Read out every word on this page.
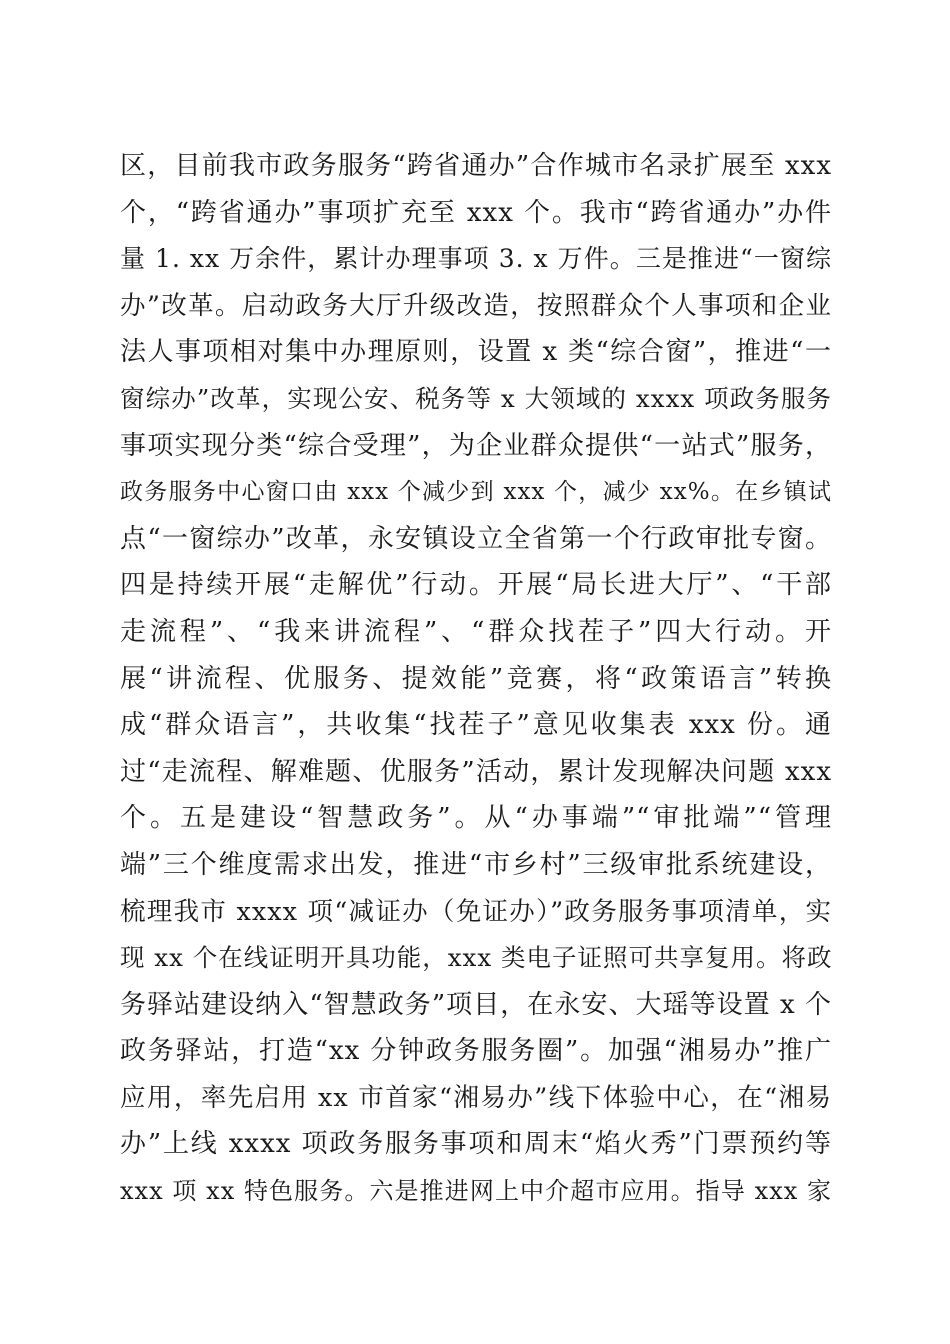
区，目前我市政务服务“跨省通办”合作城市名录扩展至 xxx
个，“跨省通办”事项扩充至 xxx 个。我市“跨省通办”办件
量 1. xx 万余件，累计办理事项 3. x 万件。三是推进“一窗综
办”改革。启动政务大厅升级改造，按照群众个人事项和企业
法人事项相对集中办理原则，设置 x 类“综合窗”，推进“一
窗综办”改革，实现公安、税务等 x 大领域的 xxxx 项政务服务
事项实现分类“综合受理”，为企业群众提供“一站式”服务，
政务服务中心窗口由 xxx 个减少到 xxx 个，减少 xx%。在乡镇试
点“一窗综办”改革，永安镇设立全省第一个行政审批专窗。
四是持续开展“走解优”行动。开展“局长进大厅”、“干部
走流程”、“我来讲流程”、“群众找茬子”四大行动。开
展“讲流程、优服务、提效能”竞赛，将“政策语言”转换
成“群众语言”，共收集“找茬子”意见收集表 xxx 份。通
过“走流程、解难题、优服务”活动，累计发现解决问题 xxx
个。五是建设“智慧政务”。从“办事端”“审批端”“管理
端”三个维度需求出发，推进“市乡村”三级审批系统建设，
梳理我市 xxxx 项“减证办（免证办）”政务服务事项清单，实
现 xx 个在线证明开具功能，xxx 类电子证照可共享复用。将政
务驿站建设纳入“智慧政务”项目，在永安、大瑶等设置 x 个
政务驿站，打造“xx 分钟政务服务圈”。加强“湘易办”推广
应用，率先启用 xx 市首家“湘易办”线下体验中心，在“湘易
办”上线 xxxx 项政务服务事项和周末“焰火秀”门票预约等
xxx 项 xx 特色服务。六是推进网上中介超市应用。指导 xxx 家
